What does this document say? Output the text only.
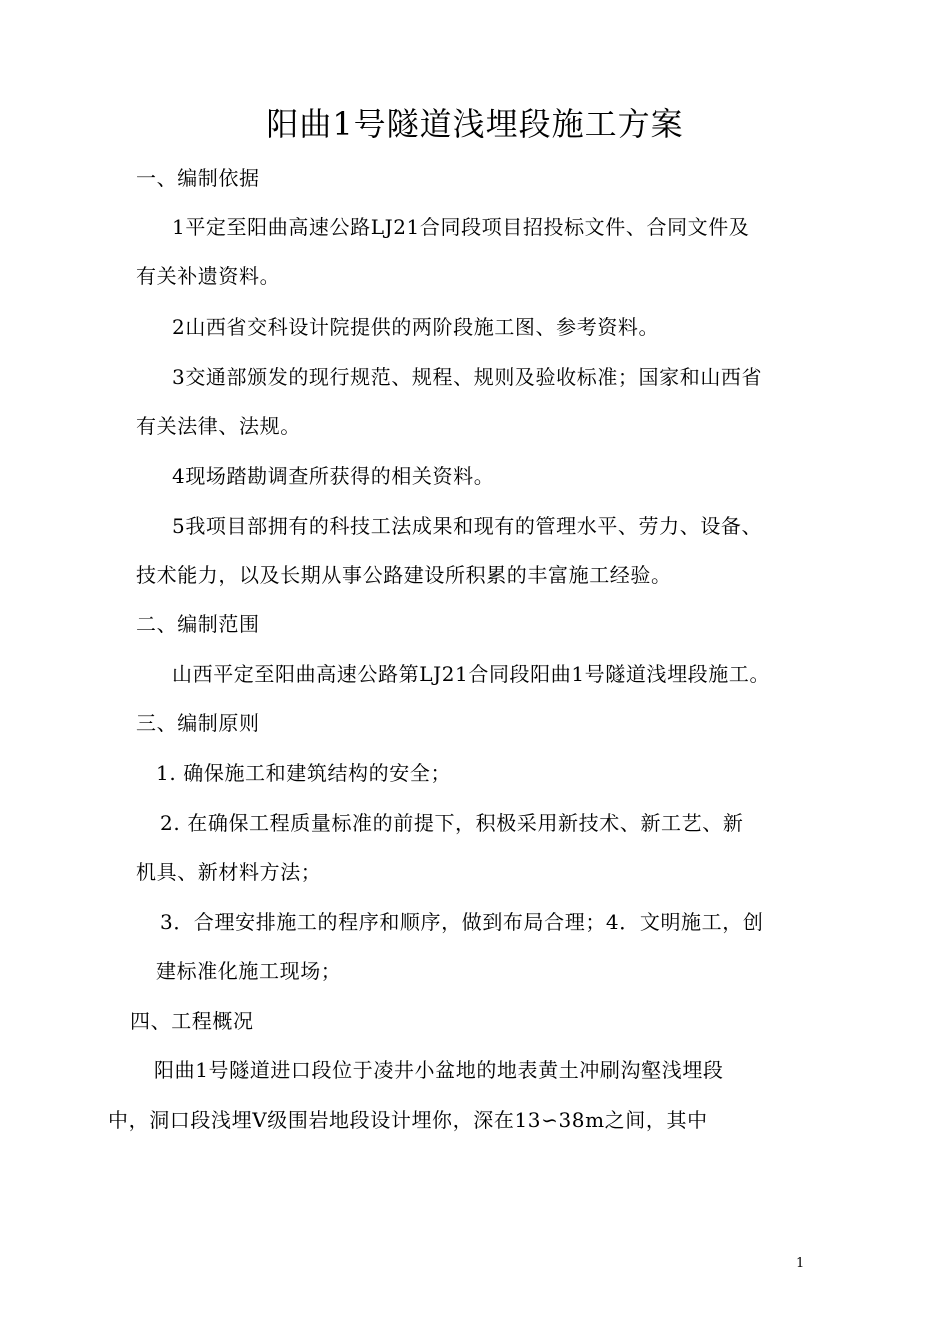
阳曲1号隧道浅埋段施工方案
一、编制依据
1平定至阳曲高速公路LJ21合同段项目招投标文件、合同文件及
有关补遗资料。
2山西省交科设计院提供的两阶段施工图、参考资料。
3交通部颁发的现行规范、规程、规则及验收标准；国家和山西省
有关法律、法规。
4现场踏勘调查所获得的相关资料。
5我项目部拥有的科技工法成果和现有的管理水平、劳力、设备、
技术能力，以及长期从事公路建设所积累的丰富施工经验。
二、编制范围
山西平定至阳曲高速公路第LJ21合同段阳曲1号隧道浅埋段施工。
三、编制原则
1. 确保施工和建筑结构的安全；
2. 在确保工程质量标准的前提下，积极采用新技术、新工艺、新
机具、新材料方法；
3．合理安排施工的程序和顺序，做到布局合理；4．文明施工，创
建标准化施工现场；
四、工程概况
阳曲1号隧道进口段位于凌井小盆地的地表黄土冲刷沟壑浅埋段
中，洞口段浅埋Ⅴ级围岩地段设计埋你，深在13∽38m之间，其中
1
